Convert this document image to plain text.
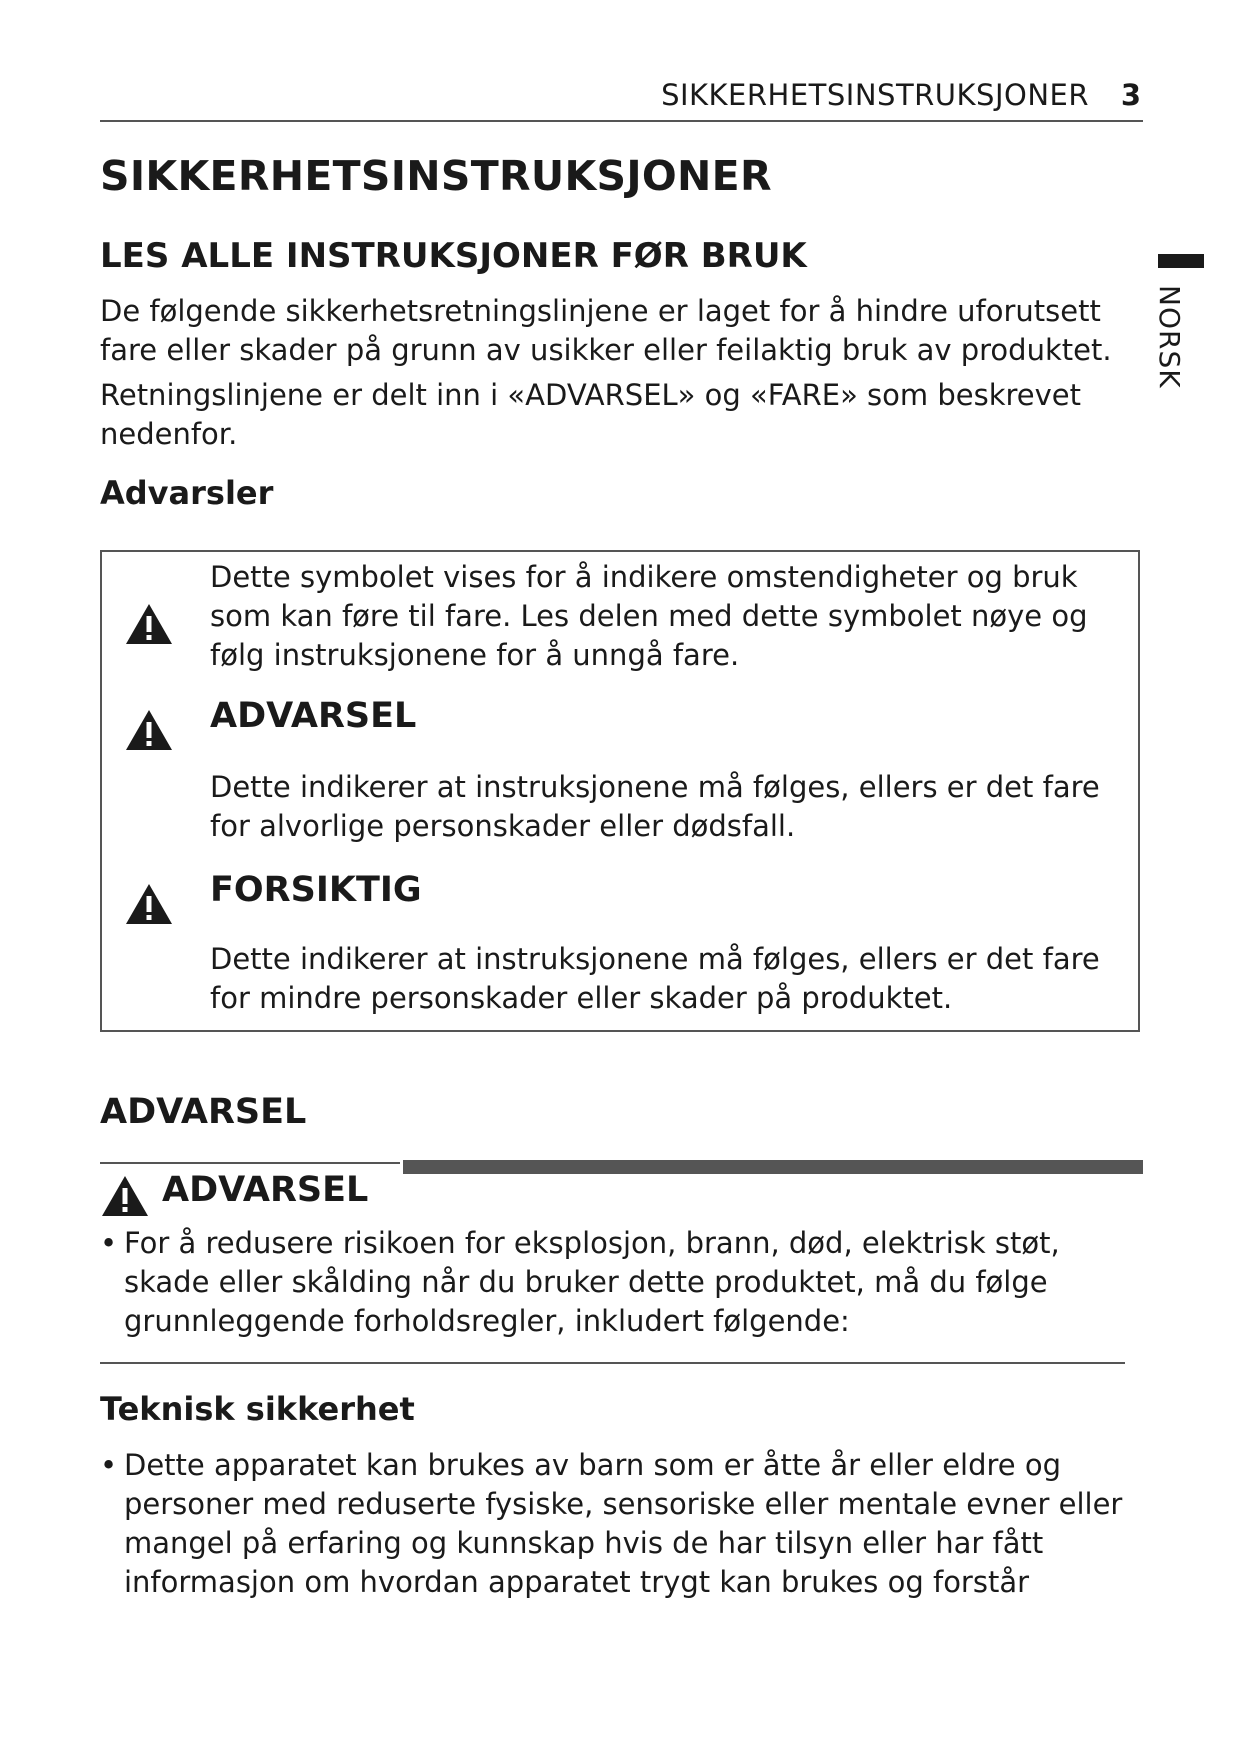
SIKKERHETSINSTRUKSJONER 3
NORSK
SIKKERHETSINSTRUKSJONER
LES ALLE INSTRUKSJONER FØR BRUK

De følgende sikkerhetsretningslinjene er laget for å hindre uforutsett fare eller skader på grunn av usikker eller feilaktig bruk av produktet.

Retningslinjene er delt inn i «ADVARSEL» og «FARE» som beskrevet nedenfor.

Advarsler

Dette symbolet vises for å indikere omstendigheter og bruk som kan føre til fare. Les delen med dette symbolet nøye og følg instruksjonene for å unngå fare.

ADVARSEL

Dette indikerer at instruksjonene må følges, ellers er det fare for alvorlige personskader eller dødsfall.

FORSIKTIG

Dette indikerer at instruksjonene må følges, ellers er det fare for mindre personskader eller skader på produktet.

ADVARSEL

ADVARSEL

• For å redusere risikoen for eksplosjon, brann, død, elektrisk støt, skade eller skålding når du bruker dette produktet, må du følge grunnleggende forholdsregler, inkludert følgende:

Teknisk sikkerhet

• Dette apparatet kan brukes av barn som er åtte år eller eldre og personer med reduserte fysiske, sensoriske eller mentale evner eller mangel på erfaring og kunnskap hvis de har tilsyn eller har fått informasjon om hvordan apparatet trygt kan brukes og forstår
